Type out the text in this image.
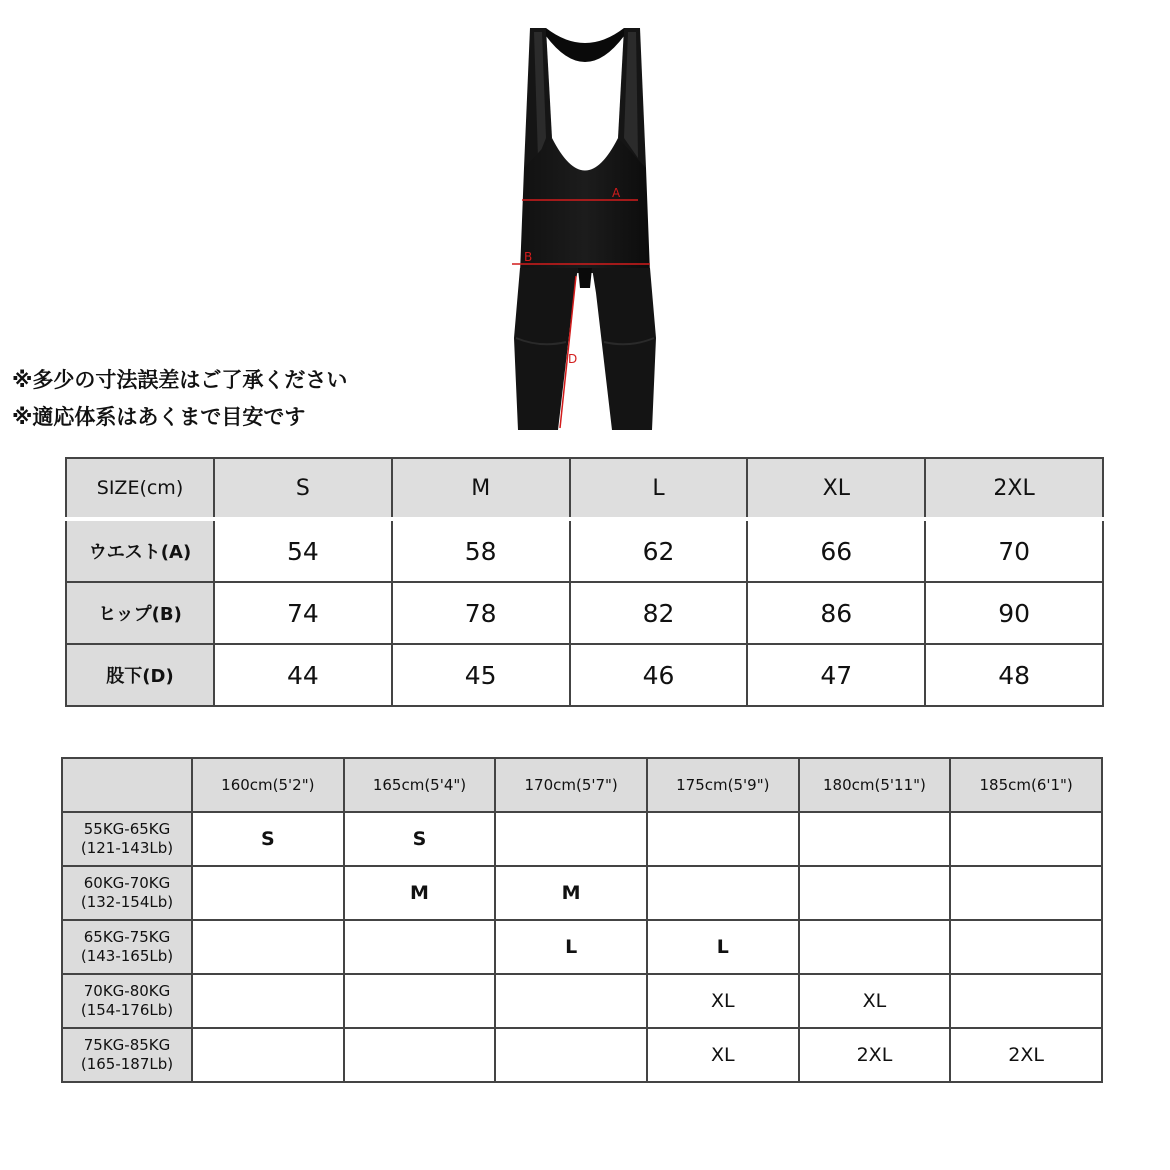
A
B
D
※多少の寸法誤差はご了承ください
※適応体系はあくまで目安です
SIZE(cm)	S	M	L	XL	2XL
ウエスト(A)	54	58	62	66	70
ヒップ(B)	74	78	82	86	90
股下(D)	44	45	46	47	48
	160cm(5'2")	165cm(5'4")	170cm(5'7")	175cm(5'9")	180cm(5'11")	185cm(6'1")

55KG-65KG
(121-143Lb)	S	S				

60KG-70KG
(132-154Lb)		M	M			

65KG-75KG
(143-165Lb)			L	L		

70KG-80KG
(154-176Lb)				XL	XL	

75KG-85KG
(165-187Lb)				XL	2XL	2XL
